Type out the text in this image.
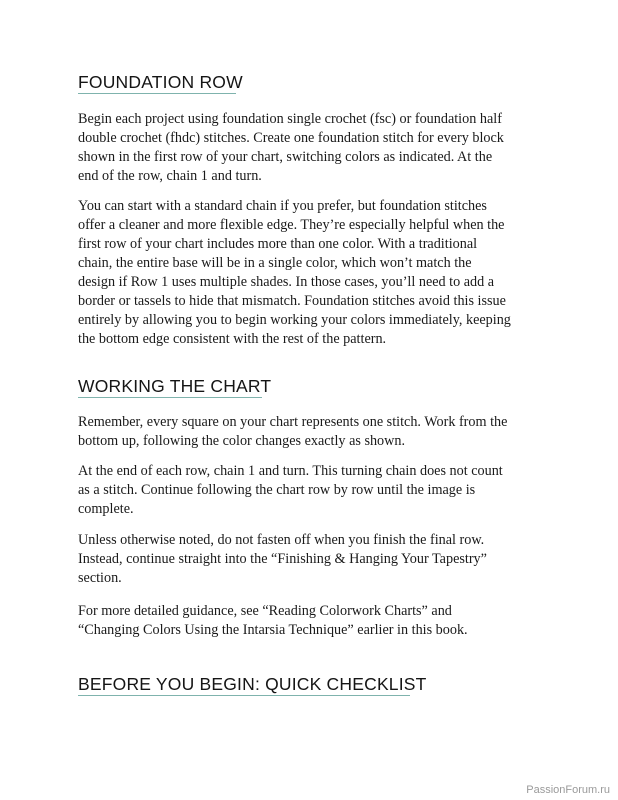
FOUNDATION ROW

Begin each project using foundation single crochet (fsc) or foundation half
double crochet (fhdc) stitches. Create one foundation stitch for every block
shown in the first row of your chart, switching colors as indicated. At the
end of the row, chain 1 and turn.

You can start with a standard chain if you prefer, but foundation stitches
offer a cleaner and more flexible edge. They’re especially helpful when the
first row of your chart includes more than one color. With a traditional
chain, the entire base will be in a single color, which won’t match the
design if Row 1 uses multiple shades. In those cases, you’ll need to add a
border or tassels to hide that mismatch. Foundation stitches avoid this issue
entirely by allowing you to begin working your colors immediately, keeping
the bottom edge consistent with the rest of the pattern.

WORKING THE CHART

Remember, every square on your chart represents one stitch. Work from the
bottom up, following the color changes exactly as shown.

At the end of each row, chain 1 and turn. This turning chain does not count
as a stitch. Continue following the chart row by row until the image is
complete.

Unless otherwise noted, do not fasten off when you finish the final row.
Instead, continue straight into the “Finishing & Hanging Your Tapestry”
section.

For more detailed guidance, see “Reading Colorwork Charts” and
“Changing Colors Using the Intarsia Technique” earlier in this book.

BEFORE YOU BEGIN: QUICK CHECKLIST
PassionForum.ru
